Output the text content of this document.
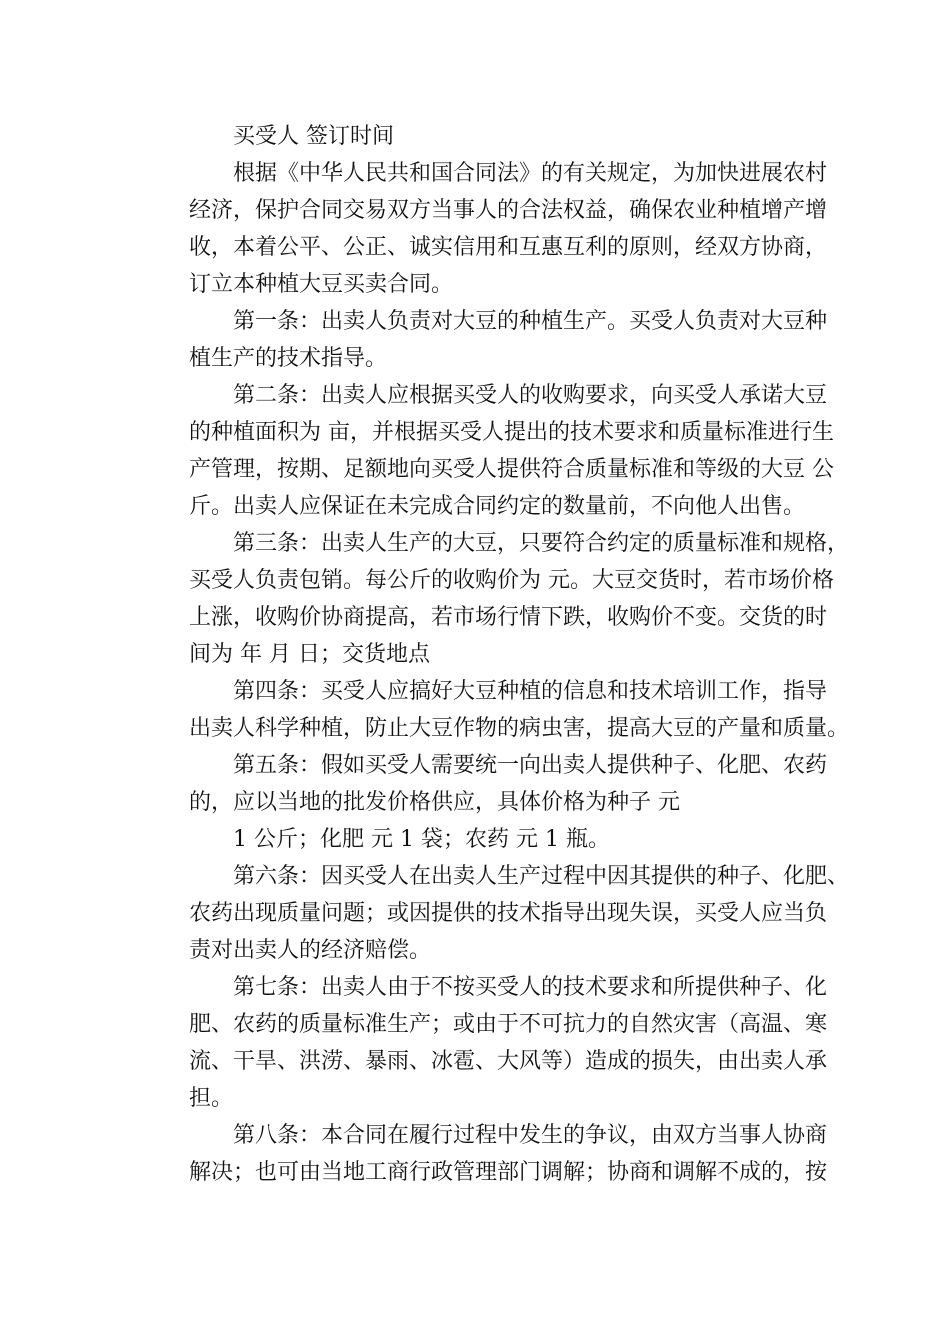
买受人 签订时间
根据《中华人民共和国合同法》的有关规定，为加快进展农村
经济，保护合同交易双方当事人的合法权益，确保农业种植增产增
收，本着公平、公正、诚实信用和互惠互利的原则，经双方协商，
订立本种植大豆买卖合同。
第一条：出卖人负责对大豆的种植生产。买受人负责对大豆种
植生产的技术指导。
第二条：出卖人应根据买受人的收购要求，向买受人承诺大豆
的种植面积为 亩，并根据买受人提出的技术要求和质量标准进行生
产管理，按期、足额地向买受人提供符合质量标准和等级的大豆 公
斤。出卖人应保证在未完成合同约定的数量前，不向他人出售。
第三条：出卖人生产的大豆，只要符合约定的质量标准和规格，
买受人负责包销。每公斤的收购价为 元。大豆交货时，若市场价格
上涨，收购价协商提高，若市场行情下跌，收购价不变。交货的时
间为 年 月 日；交货地点
第四条：买受人应搞好大豆种植的信息和技术培训工作，指导
出卖人科学种植，防止大豆作物的病虫害，提高大豆的产量和质量。
第五条：假如买受人需要统一向出卖人提供种子、化肥、农药
的，应以当地的批发价格供应，具体价格为种子 元
1 公斤；化肥 元 1 袋；农药 元 1 瓶。
第六条：因买受人在出卖人生产过程中因其提供的种子、化肥、
农药出现质量问题；或因提供的技术指导出现失误，买受人应当负
责对出卖人的经济赔偿。
第七条：出卖人由于不按买受人的技术要求和所提供种子、化
肥、农药的质量标准生产；或由于不可抗力的自然灾害（高温、寒
流、干旱、洪涝、暴雨、冰雹、大风等）造成的损失，由出卖人承
担。
第八条：本合同在履行过程中发生的争议，由双方当事人协商
解决；也可由当地工商行政管理部门调解；协商和调解不成的，按
